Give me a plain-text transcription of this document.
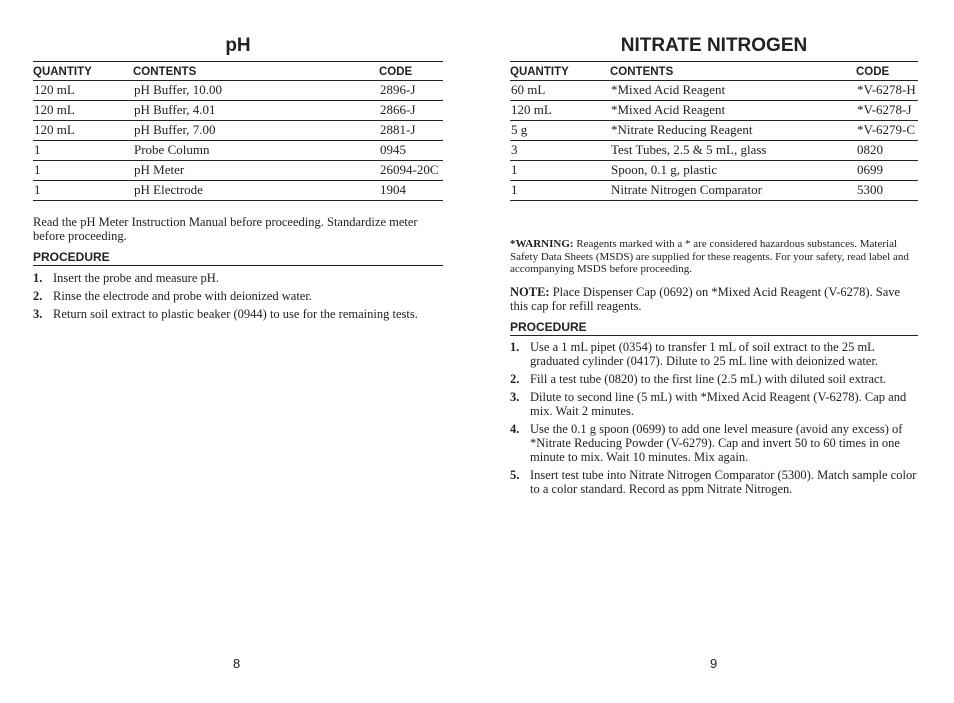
pH
QUANTITY	CONTENTS	CODE
120 mL	pH Buffer, 10.00	2896-J
120 mL	pH Buffer, 4.01	2866-J
120 mL	pH Buffer, 7.00	2881-J
1	Probe Column	0945
1	pH Meter	26094-20C
1	pH Electrode	1904

Read the pH Meter Instruction Manual before proceeding. Standardize meter before proceeding.

PROCEDURE
1. Insert the probe and measure pH.
2. Rinse the electrode and probe with deionized water.
3. Return soil extract to plastic beaker (0944) to use for the remaining tests.
8
NITRATE NITROGEN
QUANTITY	CONTENTS	CODE
60 mL	*Mixed Acid Reagent	*V-6278-H
120 mL	*Mixed Acid Reagent	*V-6278-J
5 g	*Nitrate Reducing Reagent	*V-6279-C
3	Test Tubes, 2.5 & 5 mL, glass	0820
1	Spoon, 0.1 g, plastic	0699
1	Nitrate Nitrogen Comparator	5300

*WARNING: Reagents marked with a * are considered hazardous substances. Material Safety Data Sheets (MSDS) are supplied for these reagents. For your safety, read label and accompanying MSDS before proceeding.

NOTE: Place Dispenser Cap (0692) on *Mixed Acid Reagent (V-6278). Save this cap for refill reagents.

PROCEDURE
1. Use a 1 mL pipet (0354) to transfer 1 mL of soil extract to the 25 mL graduated cylinder (0417). Dilute to 25 mL line with deionized water.
2. Fill a test tube (0820) to the first line (2.5 mL) with diluted soil extract.
3. Dilute to second line (5 mL) with *Mixed Acid Reagent (V-6278). Cap and mix. Wait 2 minutes.
4. Use the 0.1 g spoon (0699) to add one level measure (avoid any excess) of *Nitrate Reducing Powder (V-6279). Cap and invert 50 to 60 times in one minute to mix. Wait 10 minutes. Mix again.
5. Insert test tube into Nitrate Nitrogen Comparator (5300). Match sample color to a color standard. Record as ppm Nitrate Nitrogen.
9
